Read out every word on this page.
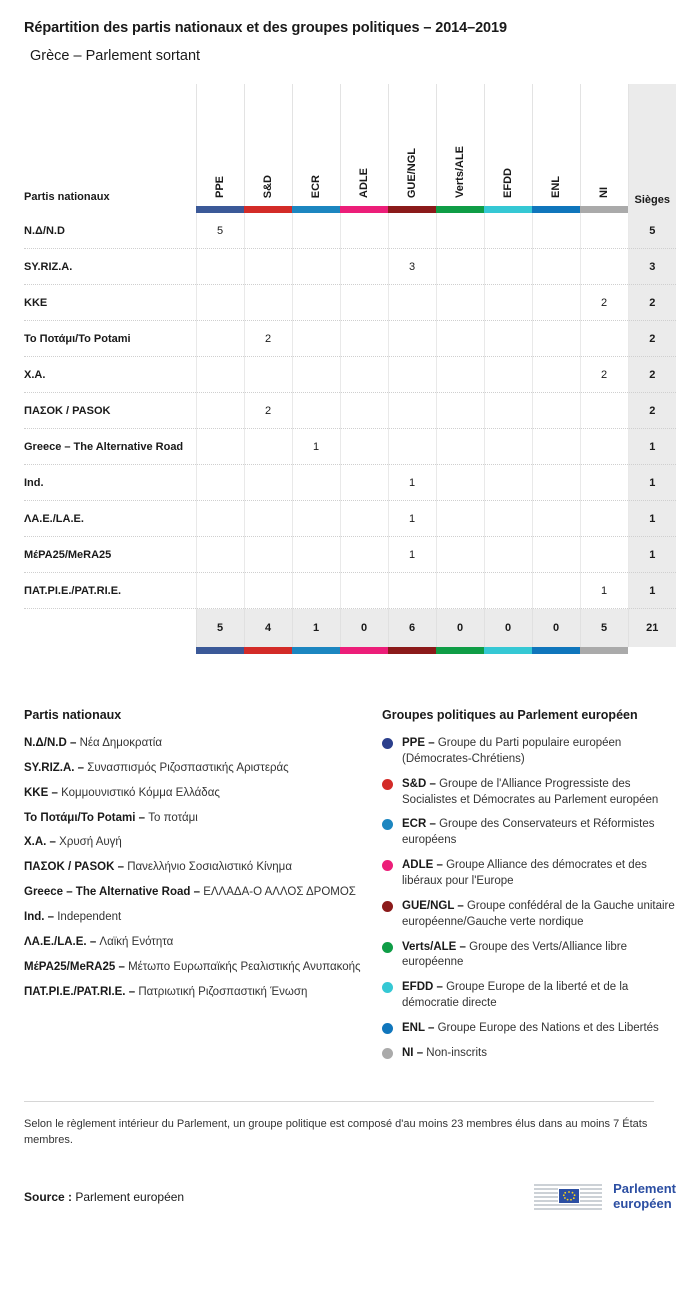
Répartition des partis nationaux et des groupes politiques – 2014–2019
Grèce – Parlement sortant
Partis nationaux	PPE	S&D	ECR	ADLE	GUE/NGL	Verts/ALE	EFDD	ENL	NI	Sièges

Ν.Δ/N.D	5									5
SY.RIZ.A.					3					3
KKE									2	2
Το Ποτάμι/To Potami		2								2
X.A.									2	2
ΠΑΣΟΚ / PASOK		2								2
Greece – The Alternative Road			1							1
Ind.					1					1
ΛΑ.Ε./LA.E.					1					1
ΜέΡΑ25/MeRA25					1					1
ΠΑΤ.ΡΙ.Ε./PAT.RI.E.									1	1
	5	4	1	0	6	0	0	0	5	21

Partis nationaux
Ν.Δ/N.D – Νέα Δημοκρατία
SY.RIZ.A. – Συνασπισμός Ριζοσπαστικής Αριστεράς
KKE – Κομμουνιστικό Κόμμα Ελλάδας
Το Ποτάμι/To Potami – Το ποτάμι
X.A. – Χρυσή Αυγή
ΠΑΣΟΚ / PASOK – Πανελλήνιο Σοσιαλιστικό Κίνημα
Greece – The Alternative Road – ΕΛΛΑΔΑ-Ο ΑΛΛΟΣ ΔΡΟΜΟΣ
Ind. – Independent
ΛΑ.Ε./LA.E. – Λαϊκή Ενότητα
ΜέΡΑ25/MeRA25 – Μέτωπο Ευρωπαϊκής Ρεαλιστικής Ανυπακοής
ΠΑΤ.ΡΙ.Ε./PAT.RI.E. – Πατριωτική Ριζοσπαστική Ένωση
Groupes politiques au Parlement européen
PPE – Groupe du Parti populaire européen (Démocrates-Chrétiens)
S&D – Groupe de l'Alliance Progressiste des Socialistes et Démocrates au Parlement européen
ECR – Groupe des Conservateurs et Réformistes européens
ADLE – Groupe Alliance des démocrates et des libéraux pour l'Europe
GUE/NGL – Groupe confédéral de la Gauche unitaire européenne/Gauche verte nordique
Verts/ALE – Groupe des Verts/Alliance libre européenne
EFDD – Groupe Europe de la liberté et de la démocratie directe
ENL – Groupe Europe des Nations et des Libertés
NI – Non-inscrits
Selon le règlement intérieur du Parlement, un groupe politique est composé d'au moins 23 membres élus dans au moins 7 États membres.
Source : Parlement européen
Parlement
européen
